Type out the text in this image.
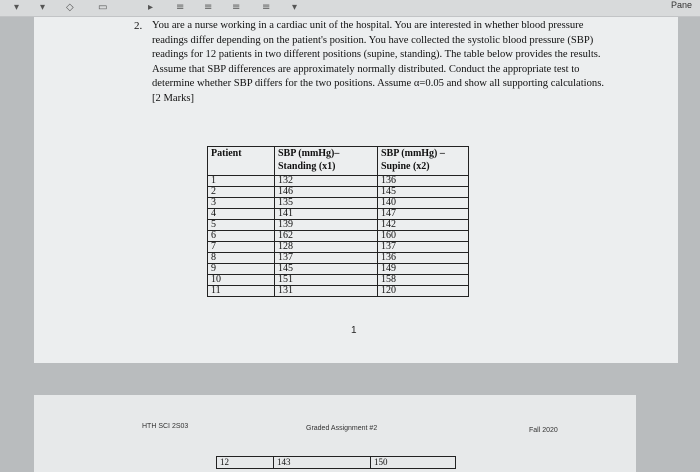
▾ ▾ ◇ ▭	▸ ≡ ≡ ≡ ≡ ▾	Pane
2. You are a nurse working in a cardiac unit of the hospital. You are interested in whether blood pressure readings differ depending on the patient's position. You have collected the systolic blood pressure (SBP) readings for 12 patients in two different positions (supine, standing). The table below provides the results. Assume that SBP differences are approximately normally distributed. Conduct the appropriate test to determine whether SBP differs for the two positions. Assume α=0.05 and show all supporting calculations.
[2 Marks]
Patient	SBP (mmHg)– Standing (x1)	SBP (mmHg) – Supine (x2)
1	132	136
2	146	145
3	135	140
4	141	147
5	139	142
6	162	160
7	128	137
8	137	136
9	145	149
10	151	158
11	131	120
1
HTH SCI 2S03	Graded Assignment #2	Fall 2020
12	143	150
